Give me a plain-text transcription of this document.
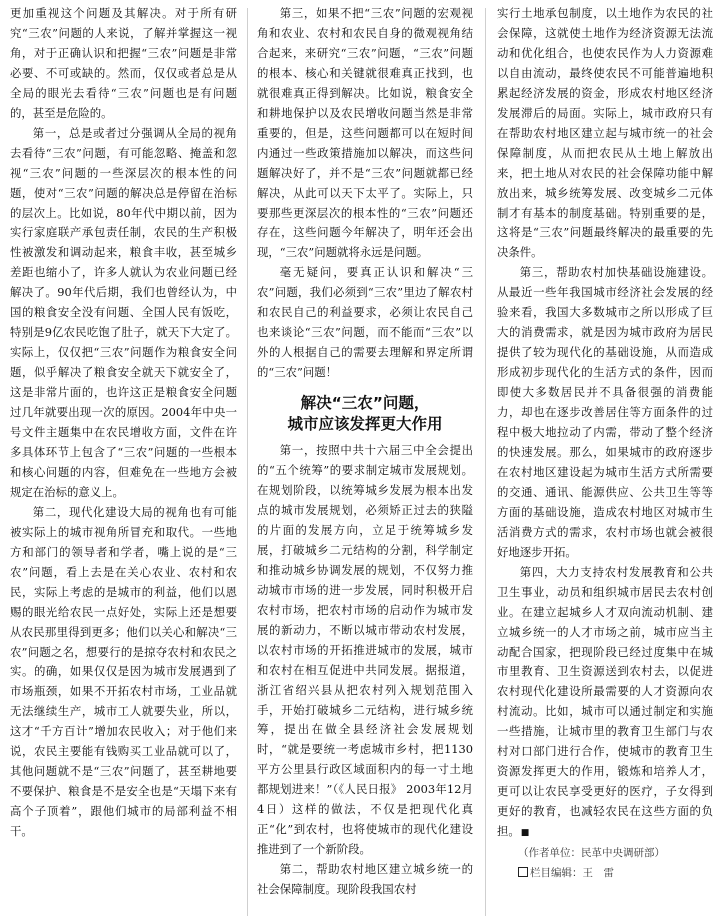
更加重视这个问题及其解决。对于所有研究“三农”问题的人来说，了解并掌握这一视角，对于正确认识和把握“三农”问题是非常必要、不可或缺的。然而，仅仅或者总是从全局的眼光去看待“三农”问题也是有问题的，甚至是危险的。

第一，总是或者过分强调从全局的视角去看待“三农”问题，有可能忽略、掩盖和忽视“三农”问题的一些深层次的根本性的问题，使对“三农”问题的解决总是停留在治标的层次上。比如说，80年代中期以前，因为实行家庭联产承包责任制，农民的生产积极性被激发和调动起来，粮食丰收，甚至城乡差距也缩小了，许多人就认为农业问题已经解决了。90年代后期，我们也曾经认为，中国的粮食安全没有问题、全国人民有饭吃，特别是9亿农民吃饱了肚子，就天下大定了。实际上，仅仅把“三农”问题作为粮食安全问题，似乎解决了粮食安全就天下就安全了，这是非常片面的，也许这正是粮食安全问题过几年就要出现一次的原因。2004年中央一号文件主题集中在农民增收方面，文件在许多具体环节上包含了“三农”问题的一些根本和核心问题的内容，但难免在一些地方会被规定在治标的意义上。

第二，现代化建设大局的视角也有可能被实际上的城市视角所冒充和取代。一些地方和部门的领导者和学者，嘴上说的是“三农”问题，看上去是在关心农业、农村和农民，实际上考虑的是城市的利益，他们以恩赐的眼光给农民一点好处，实际上还是想要从农民那里得到更多；他们以关心和解决“三农”问题之名，想要行的是掠夺农村和农民之实。的确，如果仅仅是因为城市发展遇到了市场瓶颈，如果不开拓农村市场，工业品就无法继续生产，城市工人就要失业，所以，这才“千方百计”增加农民收入；对于他们来说，农民主要能有钱购买工业品就可以了，其他问题就不是“三农”问题了，甚至耕地要不要保护、粮食是不是安全也是“天塌下来有高个子顶着”，跟他们城市的局部利益不相干。

第三，如果不把“三农”问题的宏观视角和农业、农村和农民自身的微观视角结合起来，来研究“三农”问题，“三农”问题的根本、核心和关键就很难真正找到，也就很难真正得到解决。比如说，粮食安全和耕地保护以及农民增收问题当然是非常重要的，但是，这些问题都可以在短时间内通过一些政策措施加以解决，而这些问题解决好了，并不是“三农”问题就都已经解决，从此可以天下太平了。实际上，只要那些更深层次的根本性的“三农”问题还存在，这些问题今年解决了，明年还会出现，“三农”问题就将永远是问题。

毫无疑问，要真正认识和解决“三农”问题，我们必须到“三农”里边了解农村和农民自己的利益要求，必须让农民自己也来谈论“三农”问题，而不能而“三农”以外的人根据自己的需要去理解和界定所谓的“三农”问题！

解决“三农”问题，
城市应该发挥更大作用

第一，按照中共十六届三中全会提出的“五个统筹”的要求制定城市发展规划。在规划阶段，以统筹城乡发展为根本出发点的城市发展规划，必须矫正过去的狭隘的片面的发展方向，立足于统筹城乡发展，打破城乡二元结构的分割，科学制定和推动城乡协调发展的规划，不仅努力推动城市市场的进一步发展，同时积极开启农村市场，把农村市场的启动作为城市发展的新动力，不断以城市带动农村发展，以农村市场的开拓推进城市的发展，城市和农村在相互促进中共同发展。据报道，浙江省绍兴县从把农村列入规划范围入手，开始打破城乡二元结构，进行城乡统筹，提出在做全县经济社会发展规划时，“就是要统一考虑城市乡村，把1130平方公里县行政区域面积内的每一寸土地都规划进来！”（《人民日报》 2003年12月4日）这样的做法，不仅是把现代化真正“化”到农村，也将使城市的现代化建设推进到了一个新阶段。

第二，帮助农村地区建立城乡统一的社会保障制度。现阶段我国农村

实行土地承包制度，以土地作为农民的社会保障，这就使土地作为经济资源无法流动和优化组合，也使农民作为人力资源难以自由流动，最终使农民不可能普遍地积累起经济发展的资金，形成农村地区经济发展滞后的局面。实际上，城市政府只有在帮助农村地区建立起与城市统一的社会保障制度，从而把农民从土地上解放出来，把土地从对农民的社会保障功能中解放出来，城乡统筹发展、改变城乡二元体制才有基本的制度基础。特别重要的是，这将是“三农”问题最终解决的最重要的先决条件。

第三，帮助农村加快基础设施建设。从最近一些年我国城市经济社会发展的经验来看，我国大多数城市之所以形成了巨大的消费需求，就是因为城市政府为居民提供了较为现代化的基础设施，从而造成形成初步现代化的生活方式的条件，因而即使大多数居民并不具备很强的消费能力，却也在逐步改善居住等方面条件的过程中极大地拉动了内需，带动了整个经济的快速发展。那么，如果城市的政府逐步在农村地区建设起为城市生活方式所需要的交通、通讯、能源供应、公共卫生等等方面的基础设施，造成农村地区对城市生活消费方式的需求，农村市场也就会被很好地逐步开拓。

第四，大力支持农村发展教育和公共卫生事业，动员和组织城市居民去农村创业。在建立起城乡人才双向流动机制、建立城乡统一的人才市场之前，城市应当主动配合国家，把现阶段已经过度集中在城市里教育、卫生资源送到农村去，以促进农村现代化建设所最需要的人才资源向农村流动。比如，城市可以通过制定和实施一些措施，让城市里的教育卫生部门与农村对口部门进行合作，使城市的教育卫生资源发挥更大的作用，锻炼和培养人才，更可以让农民享受更好的医疗，子女得到更好的教育，也减轻农民在这些方面的负担。■

（作者单位：民革中央调研部）

栏目编辑：王　雷
